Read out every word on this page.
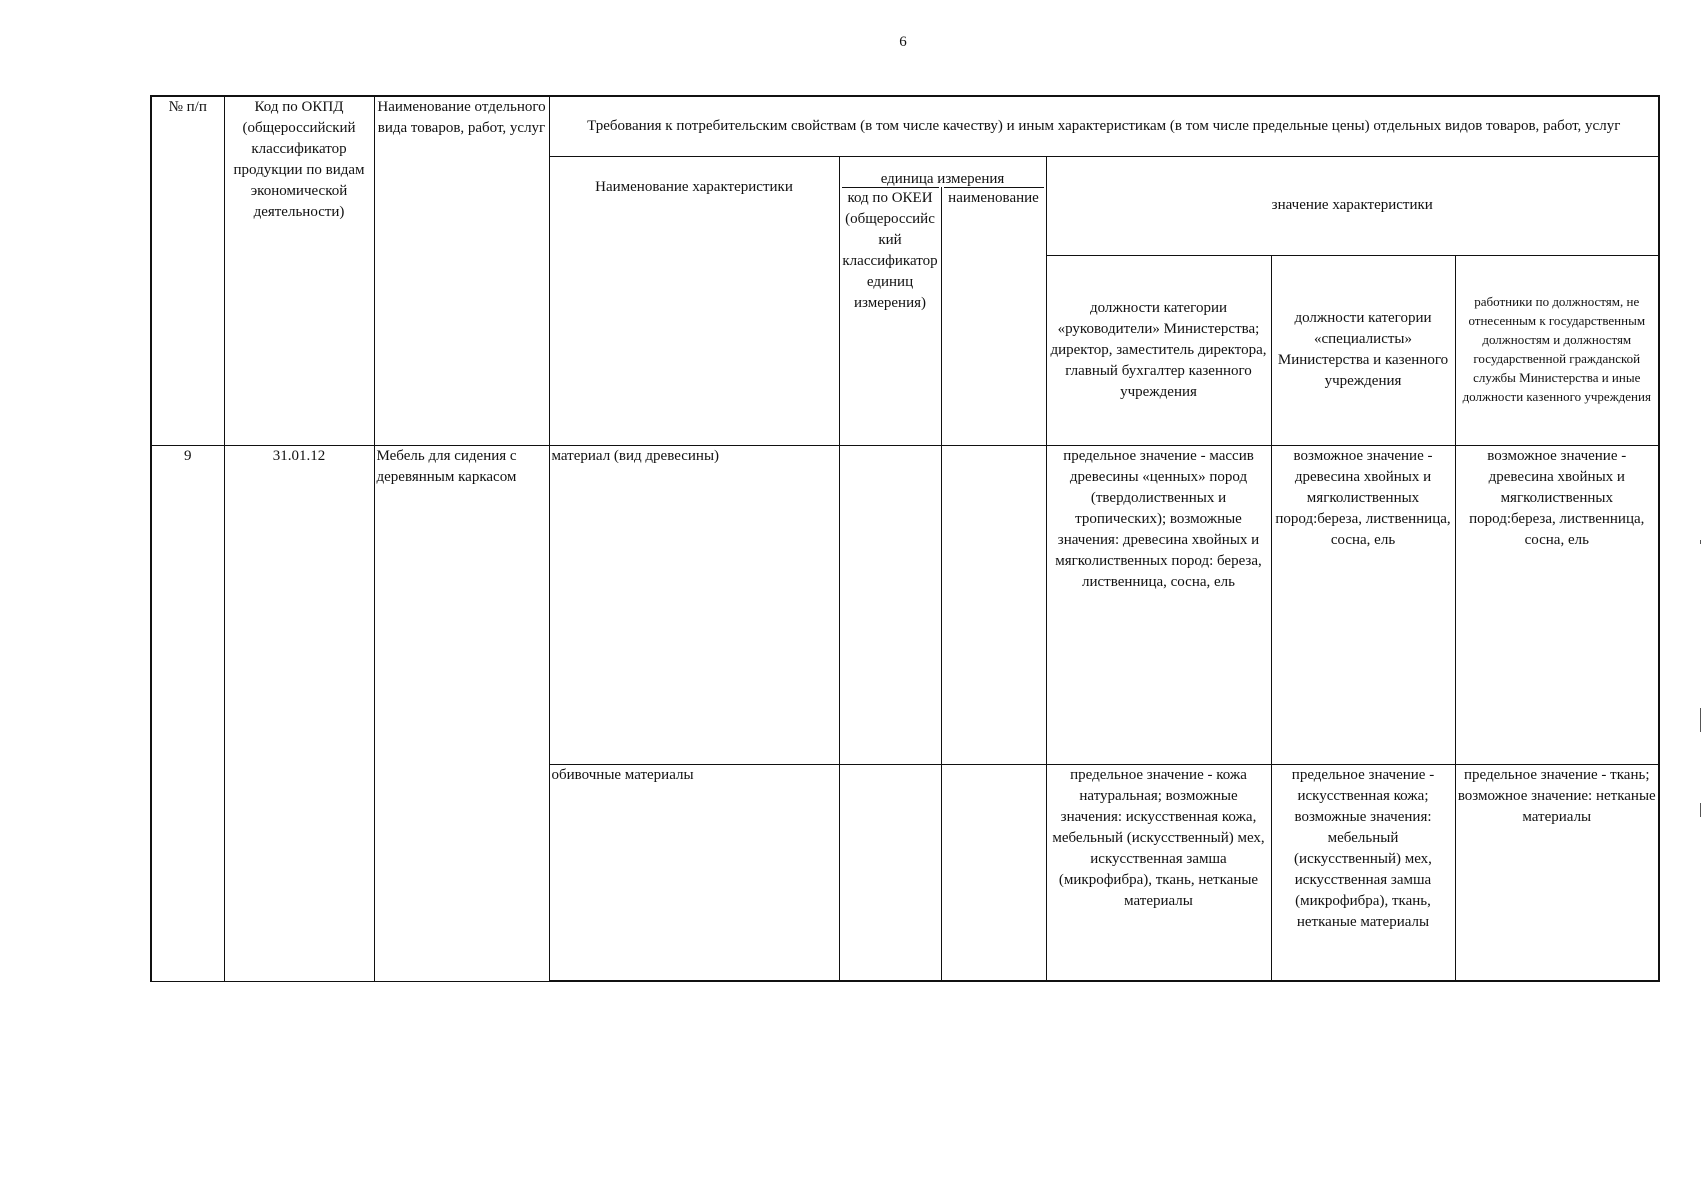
6
№ п/п	Код по ОКПД (общероссийский классификатор продукции по видам экономической деятельности)	Наименование отдельного вида товаров, работ, услуг	Требования к потребительским свойствам (в том числе качеству) и иным характеристикам (в том числе предельные цены) отдельных видов товаров, работ, услуг					
			Наименование характеристики	единица измерения		значение характеристики		

				код по ОКЕИ (общероссийский классификатор единиц измерения)	наименование			

						должности категории «руководители» Министерства; директор, заместитель директора, главный бухгалтер казенного учреждения	должности категории «специалисты» Министерства и казенного учреждения	работники по должностям, не отнесенным к государственным должностям и должностям государственной гражданской службы Министерства и иные должности казенного учреждения
9	31.01.12	Мебель для сидения с деревянным каркасом	материал (вид древесины)			предельное значение - массив древесины «ценных» пород (твердолиственных и тропических); возможные значения: древесина хвойных и мягколиственных пород: береза, лиственница, сосна, ель	возможное значение - древесина хвойных и мягколиственных пород:береза, лиственница, сосна, ель	возможное значение - древесина хвойных и мягколиственных пород:береза, лиственница, сосна, ель
			обивочные материалы			предельное значение - кожа натуральная; возможные значения: искусственная кожа, мебельный (искусственный) мех, искусственная замша (микрофибра), ткань, нетканые материалы	предельное значение - искусственная кожа; возможные значения: мебельный (искусственный) мех, искусственная замша (микрофибра), ткань, нетканые материалы	предельное значение - ткань; возможное значение: нетканые материалы
